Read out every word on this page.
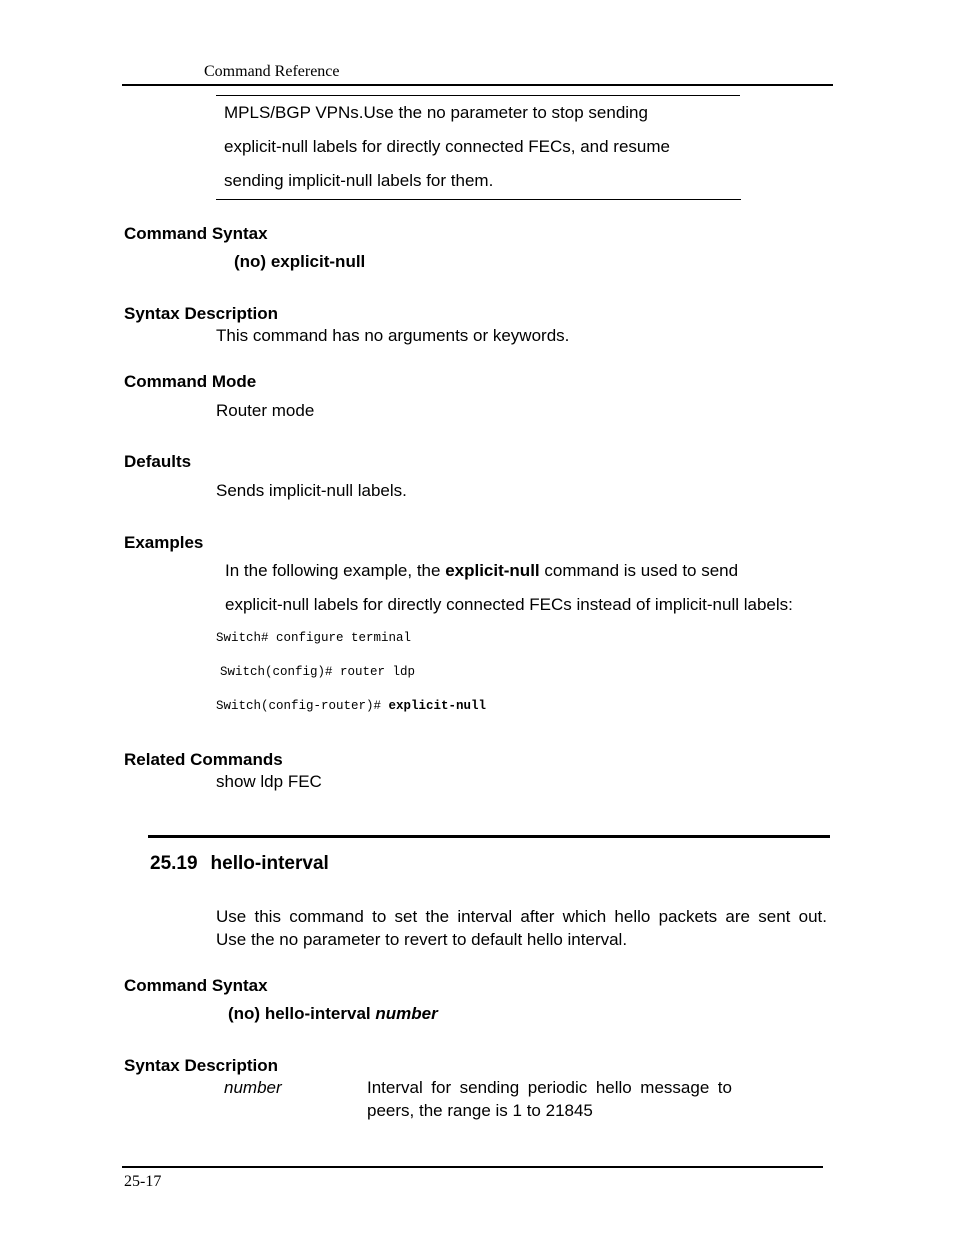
Command Reference
MPLS/BGP VPNs.Use the no parameter to stop sending
explicit-null labels for directly connected FECs, and resume
sending implicit-null labels for them.
Command Syntax
(no) explicit-null
Syntax Description
This command has no arguments or keywords.
Command Mode
Router mode
Defaults
Sends implicit-null labels.
Examples
In the following example, the explicit-null command is used to send
explicit-null labels for directly connected FECs instead of implicit-null labels:
Switch# configure terminal
Switch(config)# router ldp
Switch(config-router)# explicit-null
Related Commands
show ldp FEC
25.19 hello-interval
Use this command to set the interval after which hello packets are sent out.
Use the no parameter to revert to default hello interval.
Command Syntax
(no) hello-interval number
Syntax Description
number	Interval for sending periodic hello message to
peers, the range is 1 to 21845
25-17
